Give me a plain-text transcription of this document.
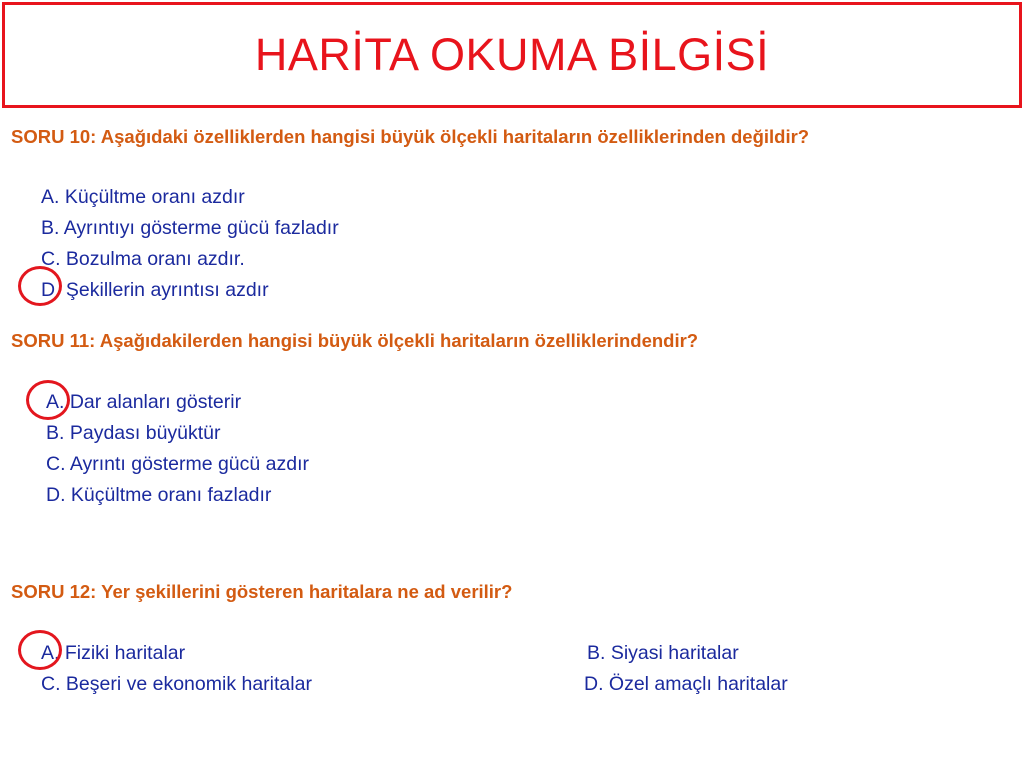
HARİTA OKUMA BİLGİSİ
SORU 10: Aşağıdaki özelliklerden hangisi büyük ölçekli haritaların özelliklerinden değildir?
A. Küçültme oranı azdır
B. Ayrıntıyı gösterme gücü fazladır
C. Bozulma oranı azdır.
D. Şekillerin ayrıntısı azdır
SORU 11: Aşağıdakilerden hangisi büyük ölçekli haritaların özelliklerindendir?
A. Dar alanları gösterir
B. Paydası büyüktür
C. Ayrıntı gösterme gücü azdır
D. Küçültme oranı fazladır
SORU 12: Yer şekillerini gösteren haritalara ne ad verilir?
A. Fiziki haritalar	B. Siyasi haritalar
C. Beşeri ve ekonomik haritalar	D. Özel amaçlı haritalar
